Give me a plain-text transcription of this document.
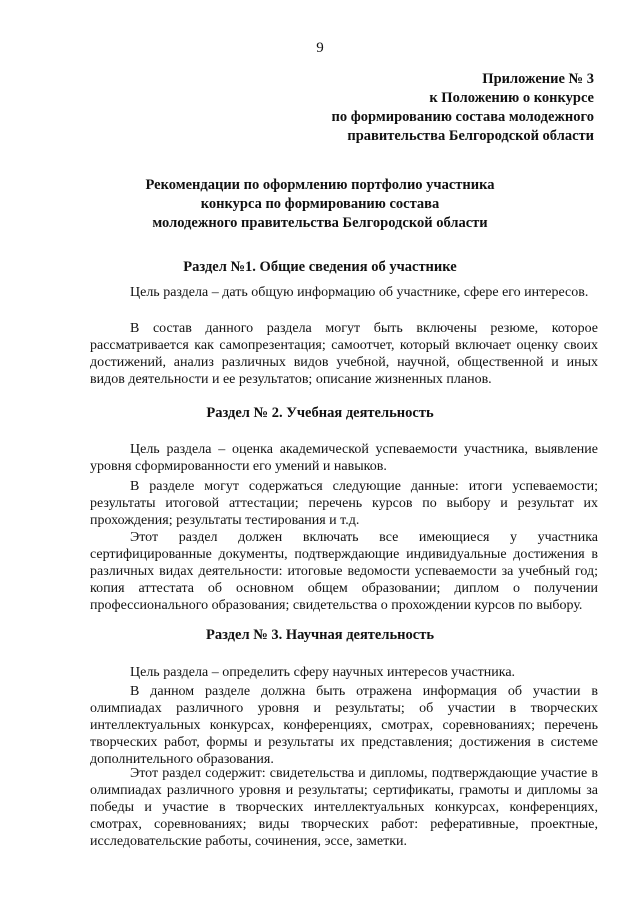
9
Приложение № 3
к Положению о конкурсе
по формированию состава молодежного
правительства Белгородской области
Рекомендации по оформлению портфолио участника
конкурса по формированию состава
молодежного правительства Белгородской области
Раздел №1. Общие сведения об участнике

Цель раздела – дать общую информацию об участнике, сфере его интересов.

В состав данного раздела могут быть включены резюме, которое рассматривается как самопрезентация; самоотчет, который включает оценку своих достижений, анализ различных видов учебной, научной, общественной и иных видов деятельности и ее результатов; описание жизненных планов.

Раздел № 2. Учебная деятельность

Цель раздела – оценка академической успеваемости участника, выявление уровня сформированности его умений и навыков.

В разделе могут содержаться следующие данные: итоги успеваемости; результаты итоговой аттестации; перечень курсов по выбору и результат их прохождения; результаты тестирования и т.д.

Этот раздел должен включать все имеющиеся у участника сертифицированные документы, подтверждающие индивидуальные достижения в различных видах деятельности: итоговые ведомости успеваемости за учебный год; копия аттестата об основном общем образовании; диплом о получении профессионального образования; свидетельства о прохождении курсов по выбору.

Раздел № 3. Научная деятельность

Цель раздела – определить сферу научных интересов участника.

В данном разделе должна быть отражена информация об участии в олимпиадах различного уровня и результаты; об участии в творческих интеллектуальных конкурсах, конференциях, смотрах, соревнованиях; перечень творческих работ, формы и результаты их представления; достижения в системе дополнительного образования.

Этот раздел содержит: свидетельства и дипломы, подтверждающие участие в олимпиадах различного уровня и результаты; сертификаты, грамоты и дипломы за победы и участие в творческих интеллектуальных конкурсах, конференциях, смотрах, соревнованиях; виды творческих работ: реферативные, проектные, исследовательские работы, сочинения, эссе, заметки.
